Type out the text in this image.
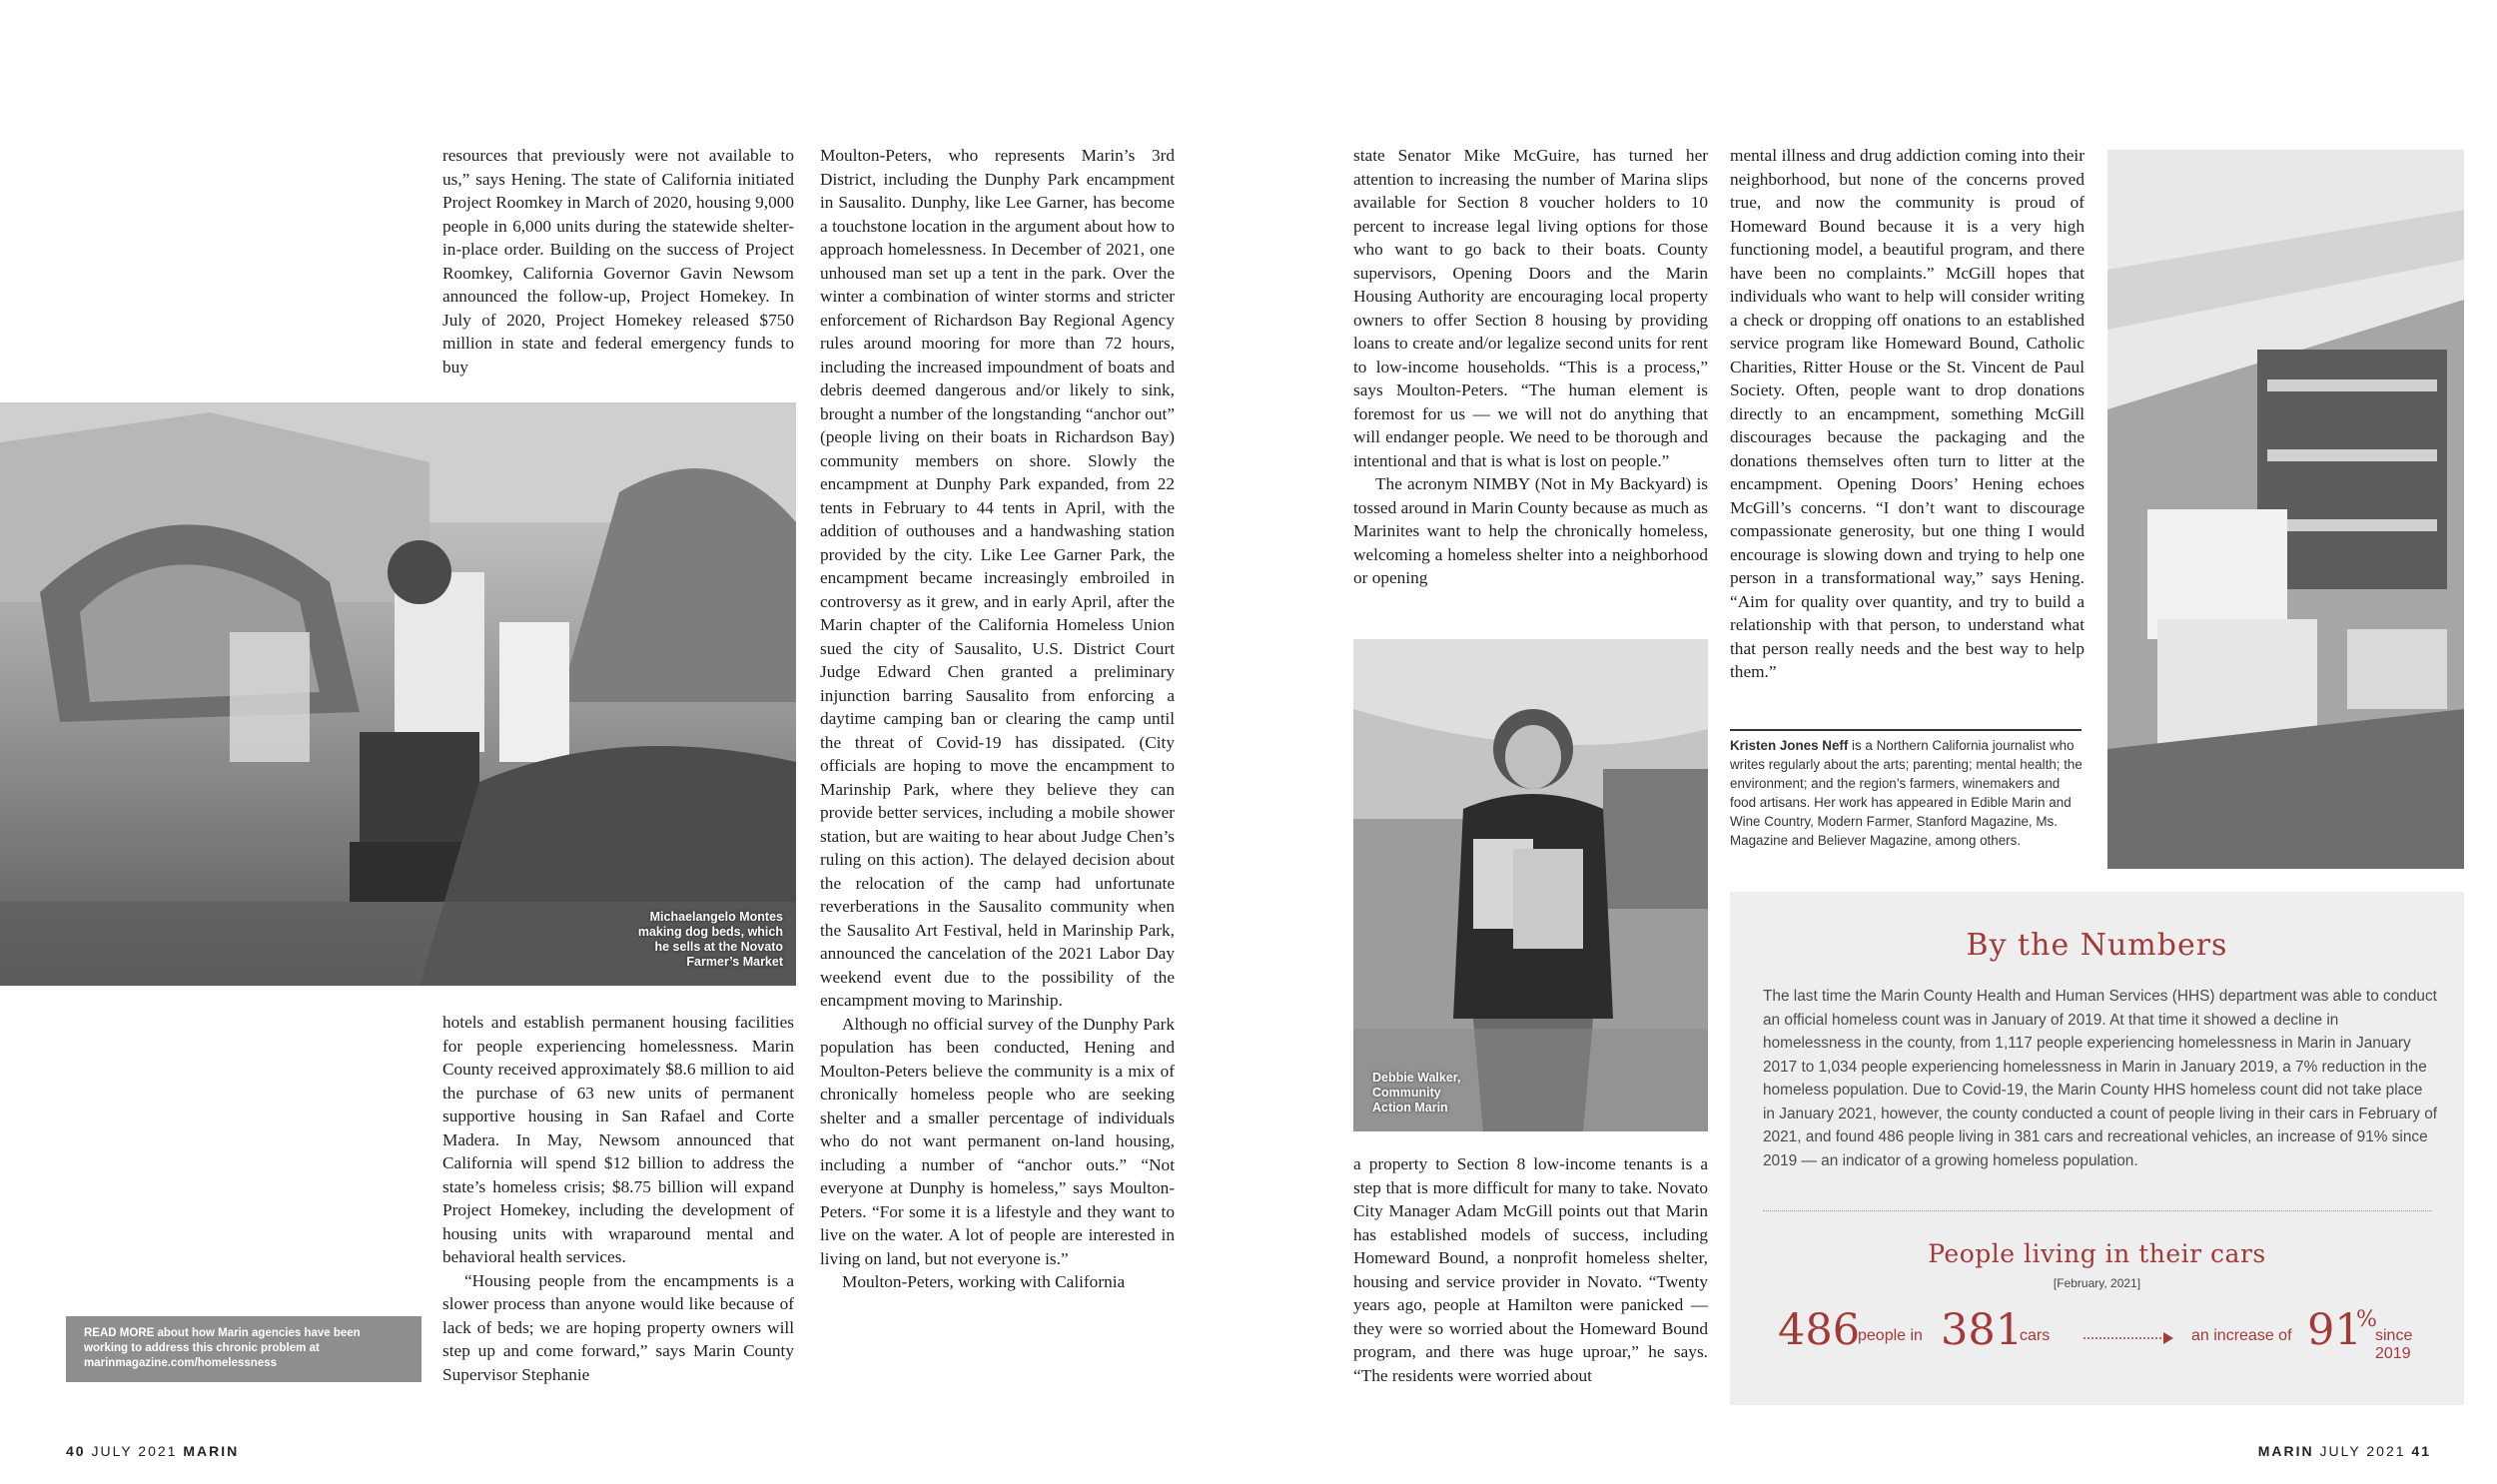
resources that previously were not available to us,” says Hening. The state of California initiated Project Roomkey in March of 2020, housing 9,000 people in 6,000 units during the statewide shelter-in-place order. Building on the success of Project Roomkey, California Governor Gavin Newsom announced the follow-up, Project Homekey. In July of 2020, Project Homekey released $750 million in state and federal emergency funds to buy

Michaelangelo Montes making dog beds, which he sells at the Novato Farmer’s Market

hotels and establish permanent housing facilities for people experiencing homelessness. Marin County received approximately $8.6 million to aid the purchase of 63 new units of permanent supportive housing in San Rafael and Corte Madera. In May, Newsom announced that California will spend $12 billion to address the state’s homeless crisis; $8.75 billion will expand Project Homekey, including the development of housing units with wraparound mental and behavioral health services.

“Housing people from the encampments is a slower process than anyone would like because of lack of beds; we are hoping property owners will step up and come forward,” says Marin County Supervisor Stephanie

Moulton-Peters, who represents Marin’s 3rd District, including the Dunphy Park encampment in Sausalito. Dunphy, like Lee Garner, has become a touchstone location in the argument about how to approach homelessness. In December of 2021, one unhoused man set up a tent in the park. Over the winter a combination of winter storms and stricter enforcement of Richardson Bay Regional Agency rules around mooring for more than 72 hours, including the increased impoundment of boats and debris deemed dangerous and/or likely to sink, brought a number of the longstanding “anchor out” (people living on their boats in Richardson Bay) community members on shore. Slowly the encampment at Dunphy Park expanded, from 22 tents in February to 44 tents in April, with the addition of outhouses and a handwashing station provided by the city. Like Lee Garner Park, the encampment became increasingly embroiled in controversy as it grew, and in early April, after the Marin chapter of the California Homeless Union sued the city of Sausalito, U.S. District Court Judge Edward Chen granted a preliminary injunction barring Sausalito from enforcing a daytime camping ban or clearing the camp until the threat of Covid-19 has dissipated. (City officials are hoping to move the encampment to Marinship Park, where they believe they can provide better services, including a mobile shower station, but are waiting to hear about Judge Chen’s ruling on this action). The delayed decision about the relocation of the camp had unfortunate reverberations in the Sausalito community when the Sausalito Art Festival, held in Marinship Park, announced the cancelation of the 2021 Labor Day weekend event due to the possibility of the encampment moving to Marinship.

Although no official survey of the Dunphy Park population has been conducted, Hening and Moulton-Peters believe the community is a mix of chronically homeless people who are seeking shelter and a smaller percentage of individuals who do not want permanent on-land housing, including a number of “anchor outs.” “Not everyone at Dunphy is homeless,” says Moulton-Peters. “For some it is a lifestyle and they want to live on the water. A lot of people are interested in living on land, but not everyone is.”

Moulton-Peters, working with California

READ MORE about how Marin agencies have been working to address this chronic problem at marinmagazine.com/homelessness
40 JULY 2021 MARIN

state Senator Mike McGuire, has turned her attention to increasing the number of Marina slips available for Section 8 voucher holders to 10 percent to increase legal living options for those who want to go back to their boats. County supervisors, Opening Doors and the Marin Housing Authority are encouraging local property owners to offer Section 8 housing by providing loans to create and/or legalize second units for rent to low-income households. “This is a process,” says Moulton-Peters. “The human element is foremost for us — we will not do anything that will endanger people. We need to be thorough and intentional and that is what is lost on people.”

The acronym NIMBY (Not in My Backyard) is tossed around in Marin County because as much as Marinites want to help the chronically homeless, welcoming a homeless shelter into a neighborhood or opening

Debbie Walker, Community Action Marin

a property to Section 8 low-income tenants is a step that is more difficult for many to take. Novato City Manager Adam McGill points out that Marin has established models of success, including Homeward Bound, a nonprofit homeless shelter, housing and service provider in Novato. “Twenty years ago, people at Hamilton were panicked — they were so worried about the Homeward Bound program, and there was huge uproar,” he says. “The residents were worried about

mental illness and drug addiction coming into their neighborhood, but none of the concerns proved true, and now the community is proud of Homeward Bound because it is a very high functioning model, a beautiful program, and there have been no complaints.” McGill hopes that individuals who want to help will consider writing a check or dropping off onations to an established service program like Homeward Bound, Catholic Charities, Ritter House or the St. Vincent de Paul Society. Often, people want to drop donations directly to an encampment, something McGill discourages because the packaging and the donations themselves often turn to litter at the encampment. Opening Doors’ Hening echoes McGill’s concerns. “I don’t want to discourage compassionate generosity, but one thing I would encourage is slowing down and trying to help one person in a transformational way,” says Hening. “Aim for quality over quantity, and try to build a relationship with that person, to understand what that person really needs and the best way to help them.”

Kristen Jones Neff is a Northern California journalist who writes regularly about the arts; parenting; mental health; the environment; and the region’s farmers, winemakers and food artisans. Her work has appeared in Edible Marin and Wine Country, Modern Farmer, Stanford Magazine, Ms. Magazine and Believer Magazine, among others.
By the Numbers
The last time the Marin County Health and Human Services (HHS) department was able to conduct an official homeless count was in January of 2019. At that time it showed a decline in homelessness in the county, from 1,117 people experiencing homelessness in Marin in January 2017 to 1,034 people experiencing homelessness in Marin in January 2019, a 7% reduction in the homeless population. Due to Covid-19, the Marin County HHS homeless count did not take place in January 2021, however, the county conducted a count of people living in their cars in February of 2021, and found 486 people living in 381 cars and recreational vehicles, an increase of 91% since 2019 — an indicator of a growing homeless population.
People living in their cars
[February, 2021]
486
people in 381
cars	an increase of 91
%
since 2019
MARIN JULY 2021 41
